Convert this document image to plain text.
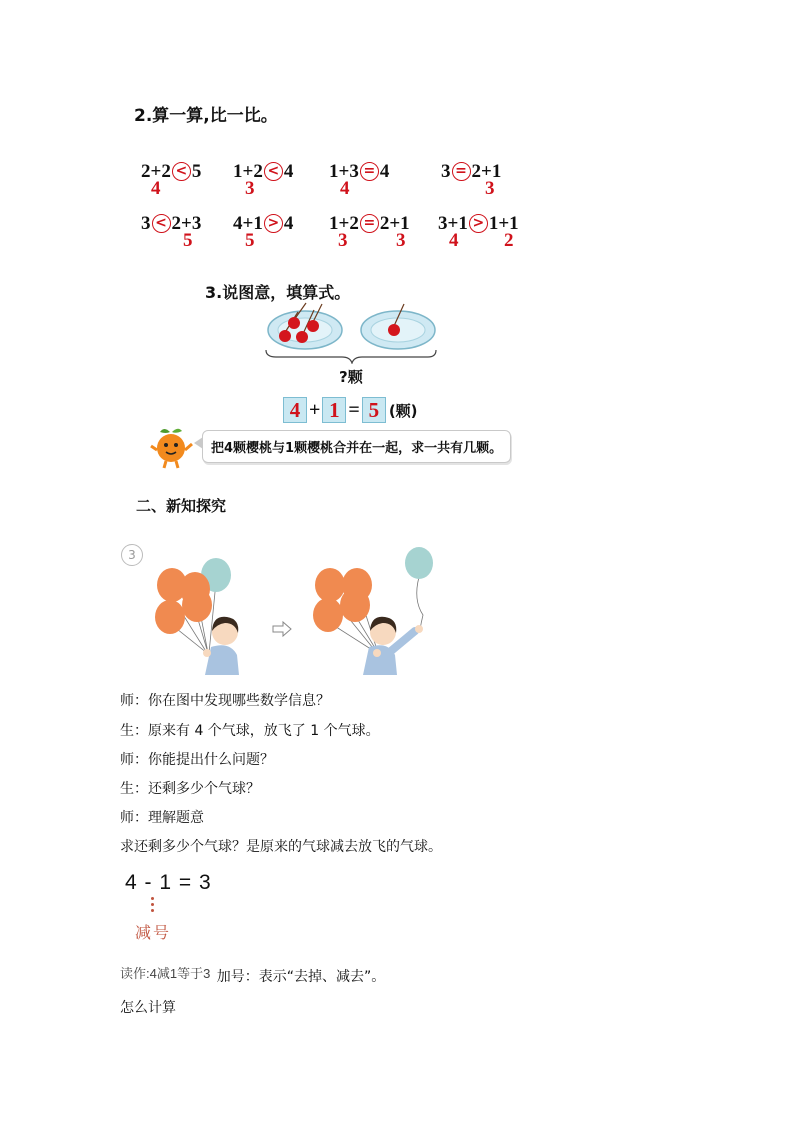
2.算一算,比一比。
2+2 < 5
4
1+2 < 4
3
1+3 = 4
4
3 = 2+1
3
3 < 2+3
5
4+1 > 4
5
1+2 = 2+1
3	3
3+1 > 1+1
4 2
3.说图意，填算式。
?颗
4 + 1 = 5 (颗)
把4颗樱桃与1颗樱桃合并在一起，求一共有几颗。
二、新知探究
3
师：你在图中发现哪些数学信息？
生：原来有 4 个气球，放飞了 1 个气球。
师：你能提出什么问题？
生：还剩多少个气球？
师：理解题意
求还剩多少个气球？是原来的气球减去放飞的气球。
4 - 1 = 3
减号
读作:4减1等于3 加号：表示“去掉、减去”。
怎么计算
